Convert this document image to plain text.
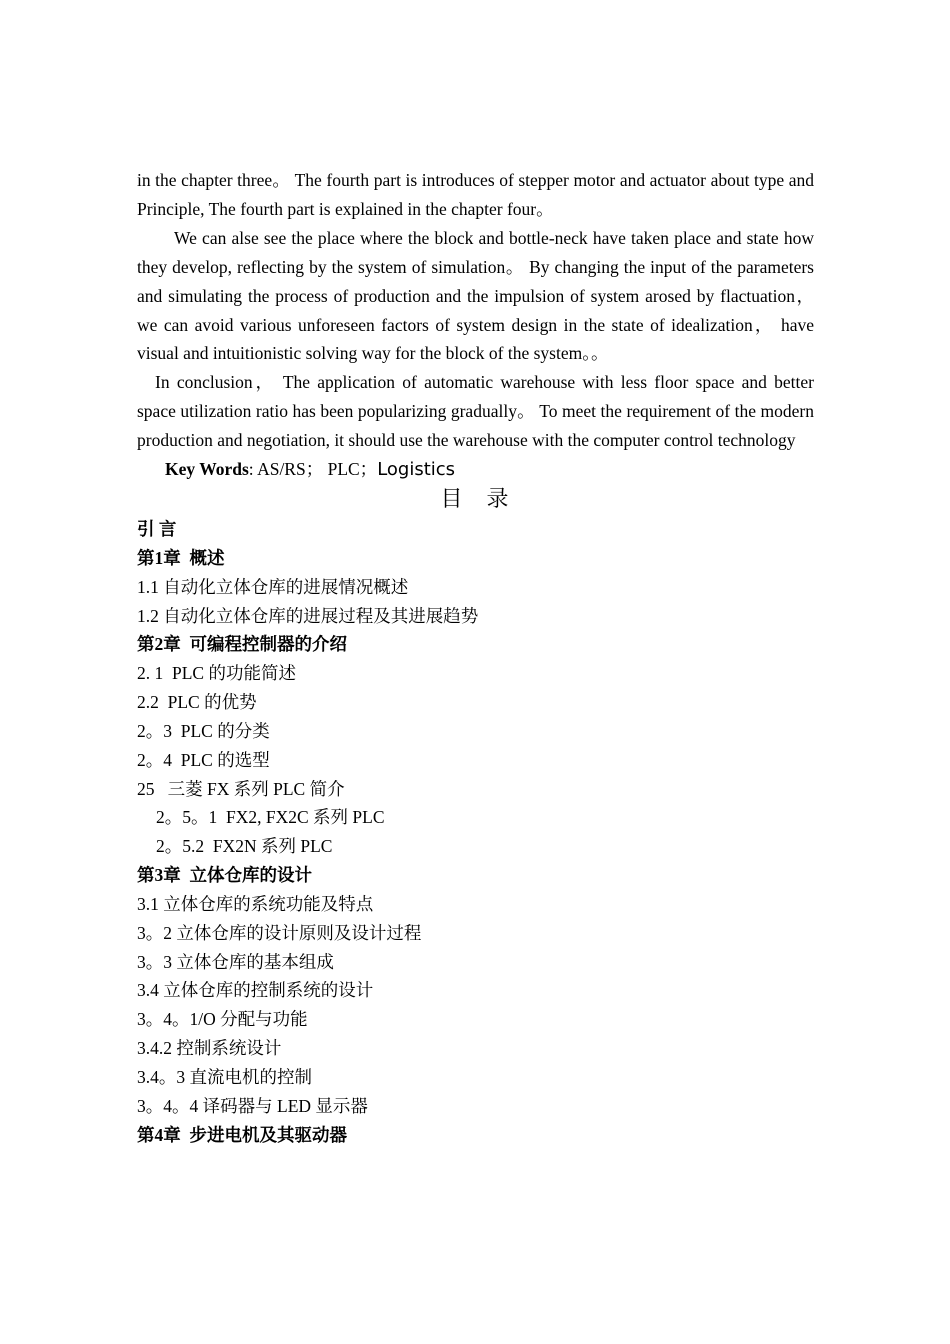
in the chapter three。 The fourth part is introduces of stepper motor and actuator about type and Principle, The fourth part is explained in the chapter four。

We can alse see the place where the block and bottle-neck have taken place and state how they develop, reflecting by the system of simulation。 By changing the input of the parameters and simulating the process of production and the impulsion of system arosed by flactuation， we can avoid various unforeseen factors of system design in the state of idealization， have visual and intuitionistic solving way for the block of the system。。

In conclusion， The application of automatic warehouse with less floor space and better space utilization ratio has been popularizing gradually。 To meet the requirement of the modern production and negotiation, it should use the warehouse with the computer control technology

Key Words: AS/RS； PLC；Logistics

目 录

引 言
第1章  概述
1.1 自动化立体仓库的进展情况概述
1.2 自动化立体仓库的进展过程及其进展趋势
第2章  可编程控制器的介绍
2. 1  PLC 的功能简述
2.2  PLC 的优势
2。3  PLC 的分类
2。4  PLC 的选型
25   三菱 FX 系列 PLC 简介
2。5。1  FX2, FX2C 系列 PLC
2。5.2  FX2N 系列 PLC
第3章  立体仓库的设计
3.1 立体仓库的系统功能及特点
3。2 立体仓库的设计原则及设计过程
3。3 立体仓库的基本组成
3.4 立体仓库的控制系统的设计
3。4。1/O 分配与功能
3.4.2 控制系统设计
3.4。3 直流电机的控制
3。4。4 译码器与 LED 显示器
第4章  步进电机及其驱动器
